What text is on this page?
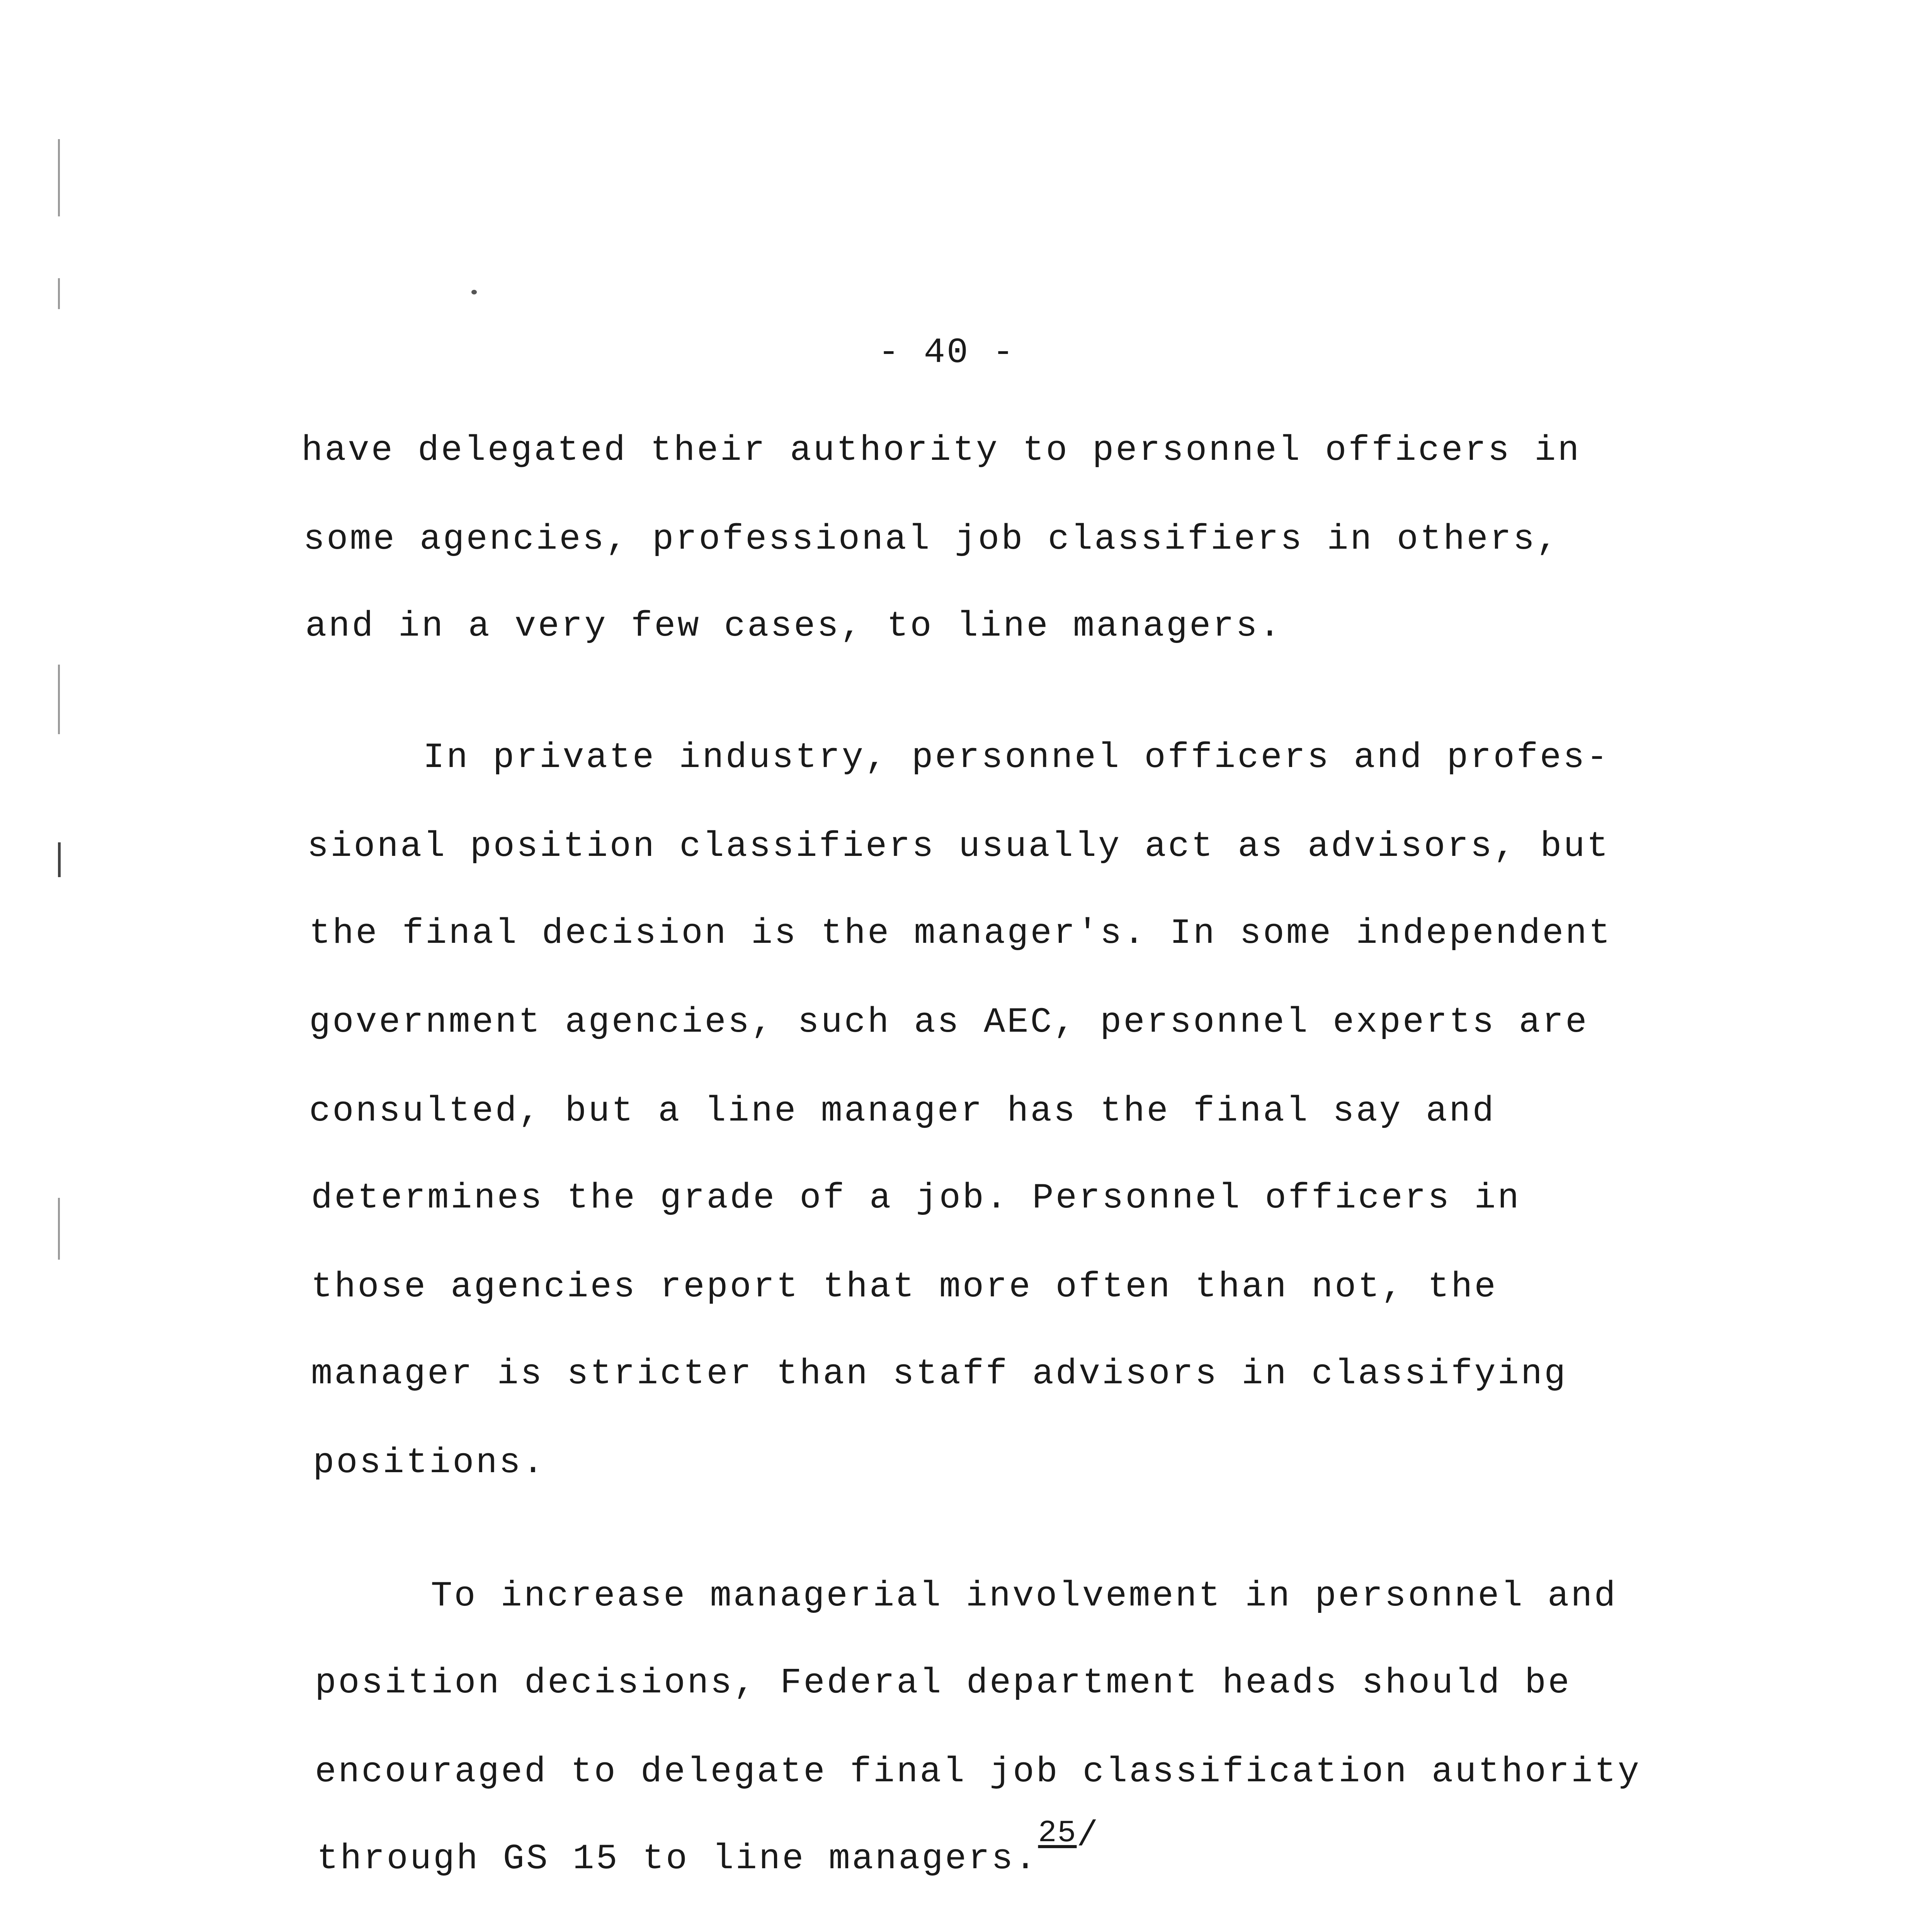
- 40 -
have delegated their authority to personnel officers in
some agencies, professional job classifiers in others,
and in a very few cases, to line managers.
In private industry, personnel officers and profes-
sional position classifiers usually act as advisors, but
the final decision is the manager's. In some independent
government agencies, such as AEC, personnel experts are
consulted, but a line manager has the final say and
determines the grade of a job. Personnel officers in
those agencies report that more often than not, the
manager is stricter than staff advisors in classifying
positions.
To increase managerial involvement in personnel and
position decisions, Federal department heads should be
encouraged to delegate final job classification authority
through GS 15 to line managers.25/
